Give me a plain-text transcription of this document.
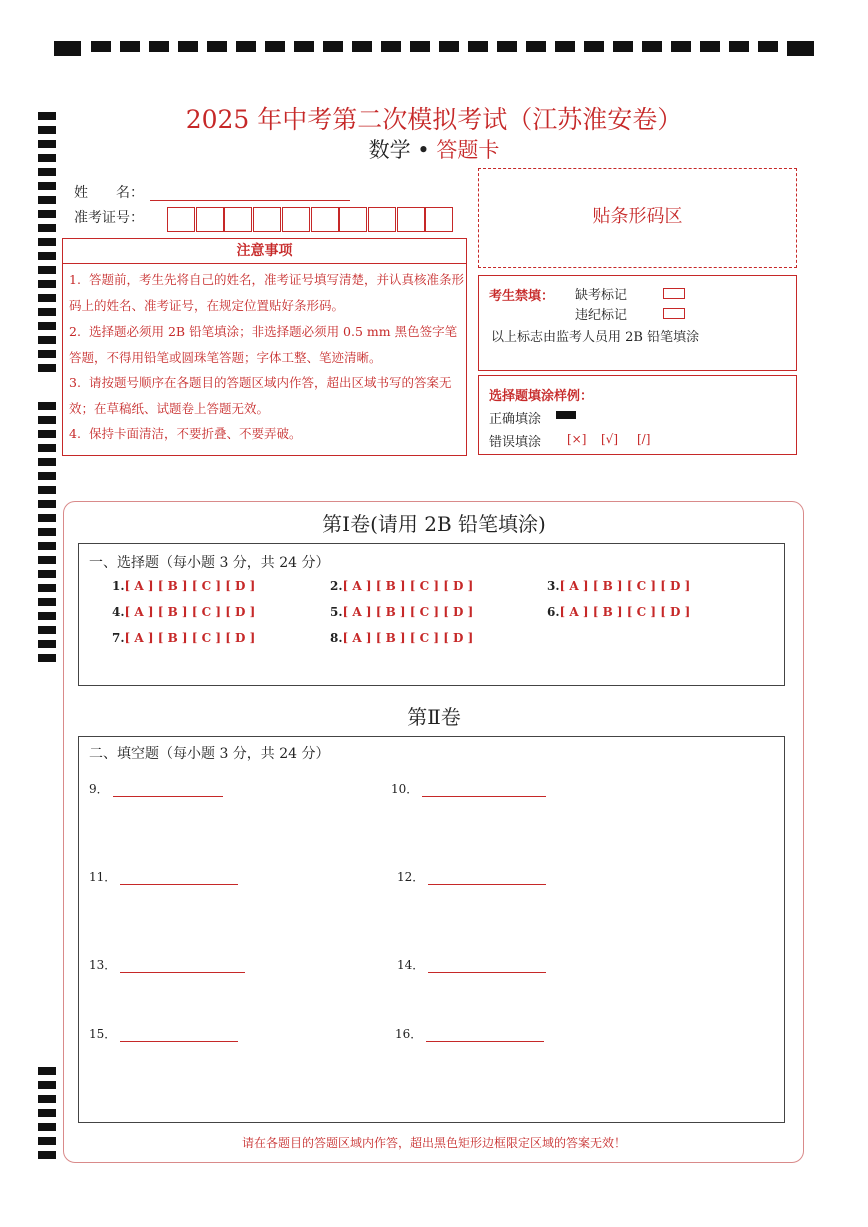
2025 年中考第二次模拟考试（江苏淮安卷）
数学 • 答题卡
姓　　名：
准考证号：
注意事项
1. 答题前，考生先将自己的姓名，准考证号填写清楚，并认真核准条形码上的姓名、准考证号，在规定位置贴好条形码。
2. 选择题必须用 2B 铅笔填涂；非选择题必须用 0.5 mm 黑色签字笔答题，不得用铅笔或圆珠笔答题；字体工整、笔迹清晰。
3. 请按题号顺序在各题目的答题区域内作答，超出区域书写的答案无效；在草稿纸、试题卷上答题无效。
4. 保持卡面清洁，不要折叠、不要弄破。
贴条形码区
考生禁填： 缺考标记
违纪标记
以上标志由监考人员用 2B 铅笔填涂
选择题填涂样例：
正确填涂
错误填涂 [×] [√] [/]
第Ⅰ卷(请用 2B 铅笔填涂)
一、选择题（每小题 3 分，共 24 分）
1.[ A ] [ B ] [ C ] [ D ]	2.[ A ] [ B ] [ C ] [ D ]	3.[ A ] [ B ] [ C ] [ D ]
4.[ A ] [ B ] [ C ] [ D ]	5.[ A ] [ B ] [ C ] [ D ]	6.[ A ] [ B ] [ C ] [ D ]
7.[ A ] [ B ] [ C ] [ D ]	8.[ A ] [ B ] [ C ] [ D ]
第Ⅱ卷
二、填空题（每小题 3 分，共 24 分）
9．	10．
11．	12．
13．	14．
15．	16．
请在各题目的答题区域内作答，超出黑色矩形边框限定区域的答案无效！
